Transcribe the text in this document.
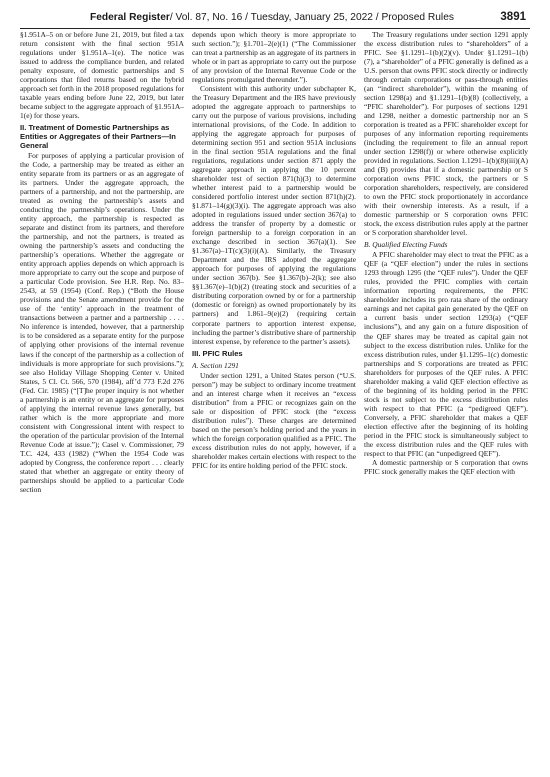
Federal Register/ Vol. 87, No. 16 / Tuesday, January 25, 2022 / Proposed Rules	3891

§1.951A–5 on or before June 21, 2019, but filed a tax return consistent with the final section 951A regulations under §1.951A–1(e). The notice was issued to address the compliance burden, and related penalty exposure, of domestic partnerships and S corporations that filed returns based on the hybrid approach set forth in the 2018 proposed regulations for taxable years ending before June 22, 2019, but later became subject to the aggregate approach of §1.951A–1(e) for those years.

II. Treatment of Domestic Partnerships as Entities or Aggregates of their Partners—In General

For purposes of applying a particular provision of the Code, a partnership may be treated as either an entity separate from its partners or as an aggregate of its partners. Under the aggregate approach, the partners of a partnership, and not the partnership, are treated as owning the partnership’s assets and conducting the partnership’s operations. Under the entity approach, the partnership is respected as separate and distinct from its partners, and therefore the partnership, and not the partners, is treated as owning the partnership’s assets and conducting the partnership’s operations. Whether the aggregate or entity approach applies depends on which approach is more appropriate to carry out the scope and purpose of a particular Code provision. See H.R. Rep. No. 83–2543, at 59 (1954) (Conf. Rep.) (“Both the House provisions and the Senate amendment provide for the use of the ‘entity’ approach in the treatment of transactions between a partner and a partnership . . . . No inference is intended, however, that a partnership is to be considered as a separate entity for the purpose of applying other provisions of the internal revenue laws if the concept of the partnership as a collection of individuals is more appropriate for such provisions.”); see also Holiday Village Shopping Center v. United States, 5 Cl. Ct. 566, 570 (1984), aff’d 773 F.2d 276 (Fed. Cir. 1985) (“[T]he proper inquiry is not whether a partnership is an entity or an aggregate for purposes of applying the internal revenue laws generally, but rather which is the more appropriate and more consistent with Congressional intent with respect to the operation of the particular provision of the Internal Revenue Code at issue.”); Casel v. Commissioner, 79 T.C. 424, 433 (1982) (“When the 1954 Code was adopted by Congress, the conference report . . . clearly stated that whether an aggregate or entity theory of partnerships should be applied to a particular Code section

depends upon which theory is more appropriate to such section.”); §1.701–2(e)(1) (“The Commissioner can treat a partnership as an aggregate of its partners in whole or in part as appropriate to carry out the purpose of any provision of the Internal Revenue Code or the regulations promulgated thereunder.”).

Consistent with this authority under subchapter K, the Treasury Department and the IRS have previously adopted the aggregate approach to partnerships to carry out the purpose of various provisions, including international provisions, of the Code. In addition to applying the aggregate approach for purposes of determining section 951 and section 951A inclusions in the final section 951A regulations and the final regulations, regulations under section 871 apply the aggregate approach in applying the 10 percent shareholder test of section 871(h)(3) to determine whether interest paid to a partnership would be considered portfolio interest under section 871(h)(2). §1.871–14(g)(3)(i). The aggregate approach was also adopted in regulations issued under section 367(a) to address the transfer of property by a domestic or foreign partnership to a foreign corporation in an exchange described in section 367(a)(1). See §1.367(a)–1T(c)(3)(i)(A). Similarly, the Treasury Department and the IRS adopted the aggregate approach for purposes of applying the regulations under section 367(b). See §1.367(b)–2(k); see also §§1.367(e)–1(b)(2) (treating stock and securities of a distributing corporation owned by or for a partnership (domestic or foreign) as owned proportionately by its partners) and 1.861–9(e)(2) (requiring certain corporate partners to apportion interest expense, including the partner’s distributive share of partnership interest expense, by reference to the partner’s assets).

III. PFIC Rules
A. Section 1291

Under section 1291, a United States person (“U.S. person”) may be subject to ordinary income treatment and an interest charge when it receives an “excess distribution” from a PFIC or recognizes gain on the sale or disposition of PFIC stock (the “excess distribution rules”). These charges are determined based on the person’s holding period and the years in which the foreign corporation qualified as a PFIC. The excess distribution rules do not apply, however, if a shareholder makes certain elections with respect to the PFIC for its entire holding period of the PFIC stock.

The Treasury regulations under section 1291 apply the excess distribution rules to “shareholders” of a PFIC. See §1.1291–1(b)(2)(v). Under §1.1291–1(b)(7), a “shareholder” of a PFIC generally is defined as a U.S. person that owns PFIC stock directly or indirectly through certain corporations or pass-through entities (an “indirect shareholder”), within the meaning of section 1298(a) and §1.1291–1(b)(8) (collectively, a “PFIC shareholder”). For purposes of sections 1291 and 1298, neither a domestic partnership nor an S corporation is treated as a PFIC shareholder except for purposes of any information reporting requirements (including the requirement to file an annual report under section 1298(f)) or where otherwise explicitly provided in regulations. Section 1.1291–1(b)(8)(iii)(A) and (B) provides that if a domestic partnership or S corporation owns PFIC stock, the partners or S corporation shareholders, respectively, are considered to own the PFIC stock proportionately in accordance with their ownership interests. As a result, if a domestic partnership or S corporation owns PFIC stock, the excess distribution rules apply at the partner or S corporation shareholder level.

B. Qualified Electing Funds

A PFIC shareholder may elect to treat the PFIC as a QEF (a “QEF election”) under the rules in sections 1293 through 1295 (the “QEF rules”). Under the QEF rules, provided the PFIC complies with certain information reporting requirements, the PFIC shareholder includes its pro rata share of the ordinary earnings and net capital gain generated by the QEF on a current basis under section 1293(a) (“QEF inclusions”), and any gain on a future disposition of the QEF shares may be treated as capital gain not subject to the excess distribution rules. Unlike for the excess distribution rules, under §1.1295–1(c) domestic partnerships and S corporations are treated as PFIC shareholders for purposes of the QEF rules. A PFIC shareholder making a valid QEF election effective as of the beginning of its holding period in the PFIC stock is not subject to the excess distribution rules with respect to that PFIC (a “pedigreed QEF”). Conversely, a PFIC shareholder that makes a QEF election effective after the beginning of its holding period in the PFIC stock is simultaneously subject to the excess distribution rules and the QEF rules with respect to that PFIC (an “unpedigreed QEF”).

A domestic partnership or S corporation that owns PFIC stock generally makes the QEF election with
